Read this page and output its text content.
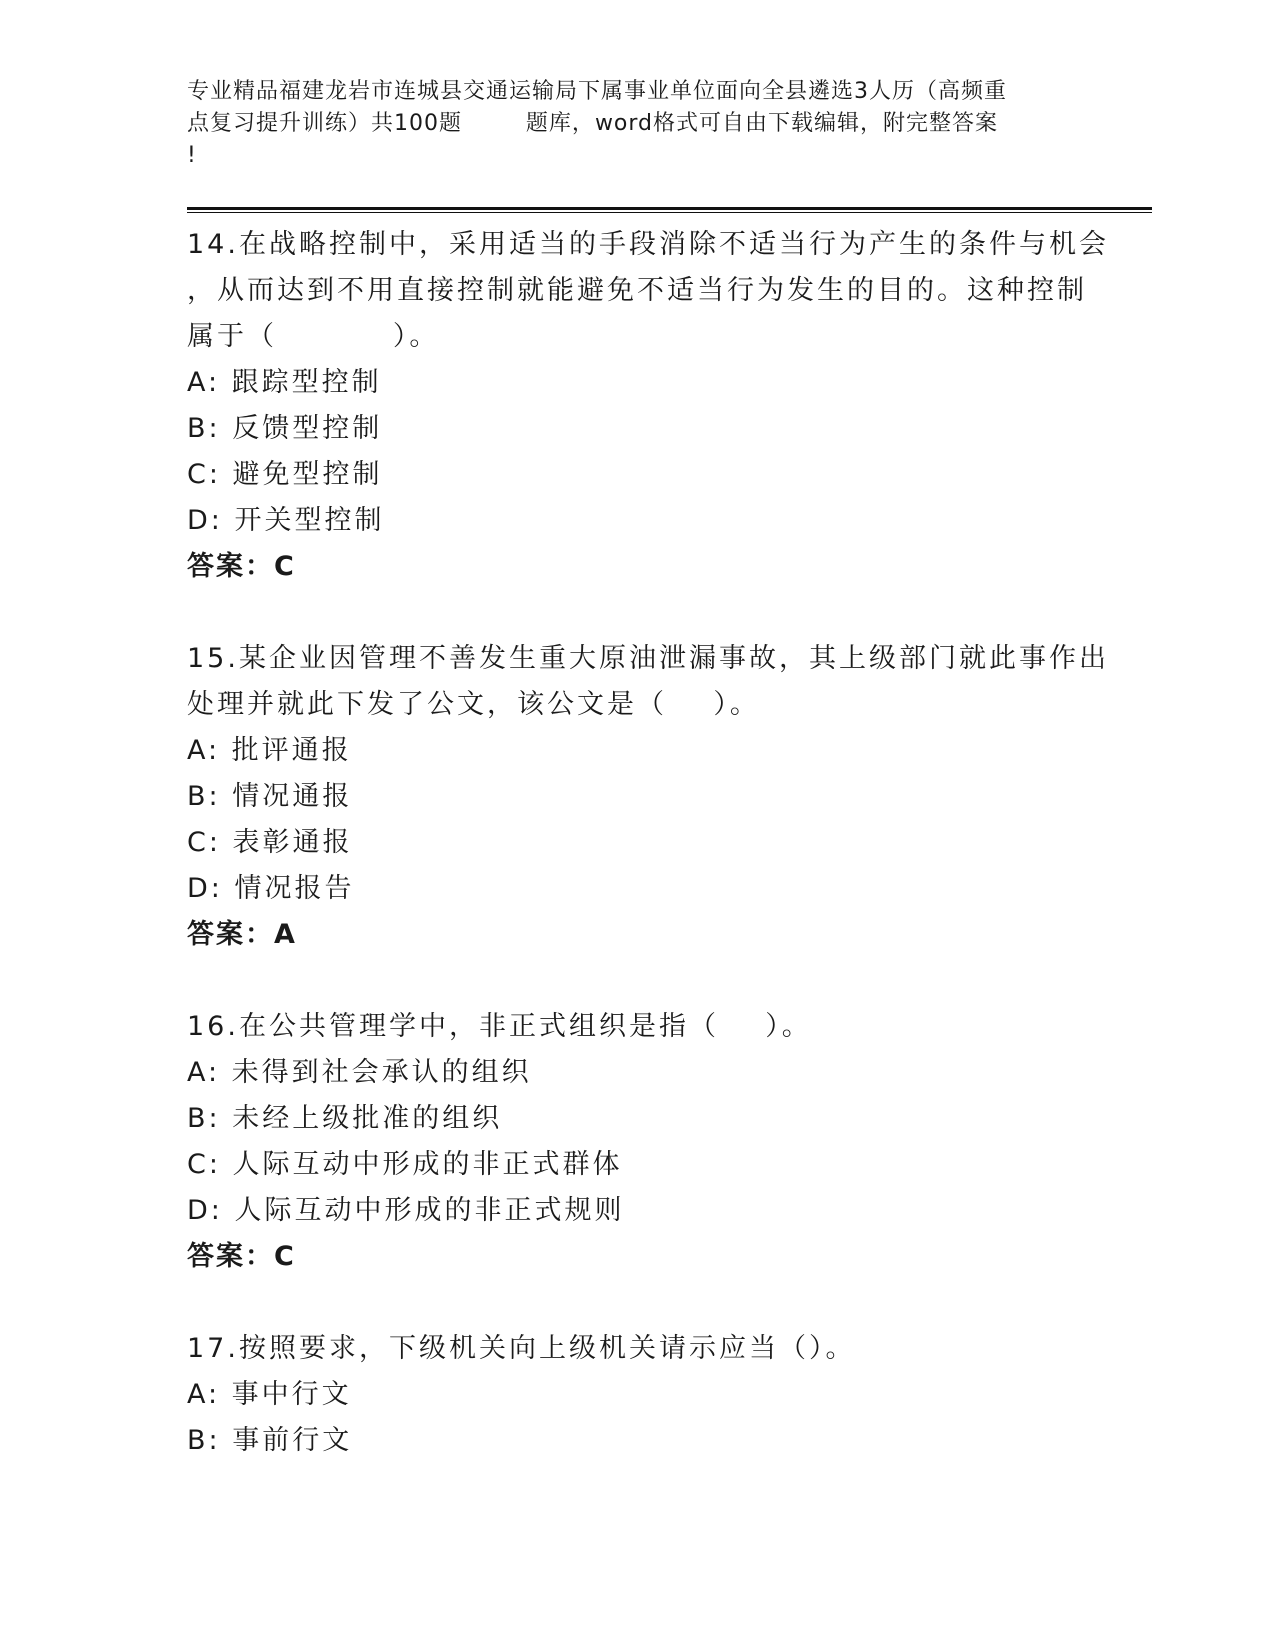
专业精品福建龙岩市连城县交通运输局下属事业单位面向全县遴选3人历（高频重
点复习提升训练）共100题        题库，word格式可自由下载编辑，附完整答案
!
14.在战略控制中，采用适当的手段消除不适当行为产生的条件与机会
，从而达到不用直接控制就能避免不适当行为发生的目的。这种控制
属于（          ）。
A: 跟踪型控制
B: 反馈型控制
C: 避免型控制
D: 开关型控制
答案：C
15.某企业因管理不善发生重大原油泄漏事故，其上级部门就此事作出
处理并就此下发了公文，该公文是（    ）。
A: 批评通报
B: 情况通报
C: 表彰通报
D: 情况报告
答案：A
16.在公共管理学中，非正式组织是指（    ）。
A: 未得到社会承认的组织
B: 未经上级批准的组织
C: 人际互动中形成的非正式群体
D: 人际互动中形成的非正式规则
答案：C
17.按照要求，下级机关向上级机关请示应当（）。
A: 事中行文
B: 事前行文
